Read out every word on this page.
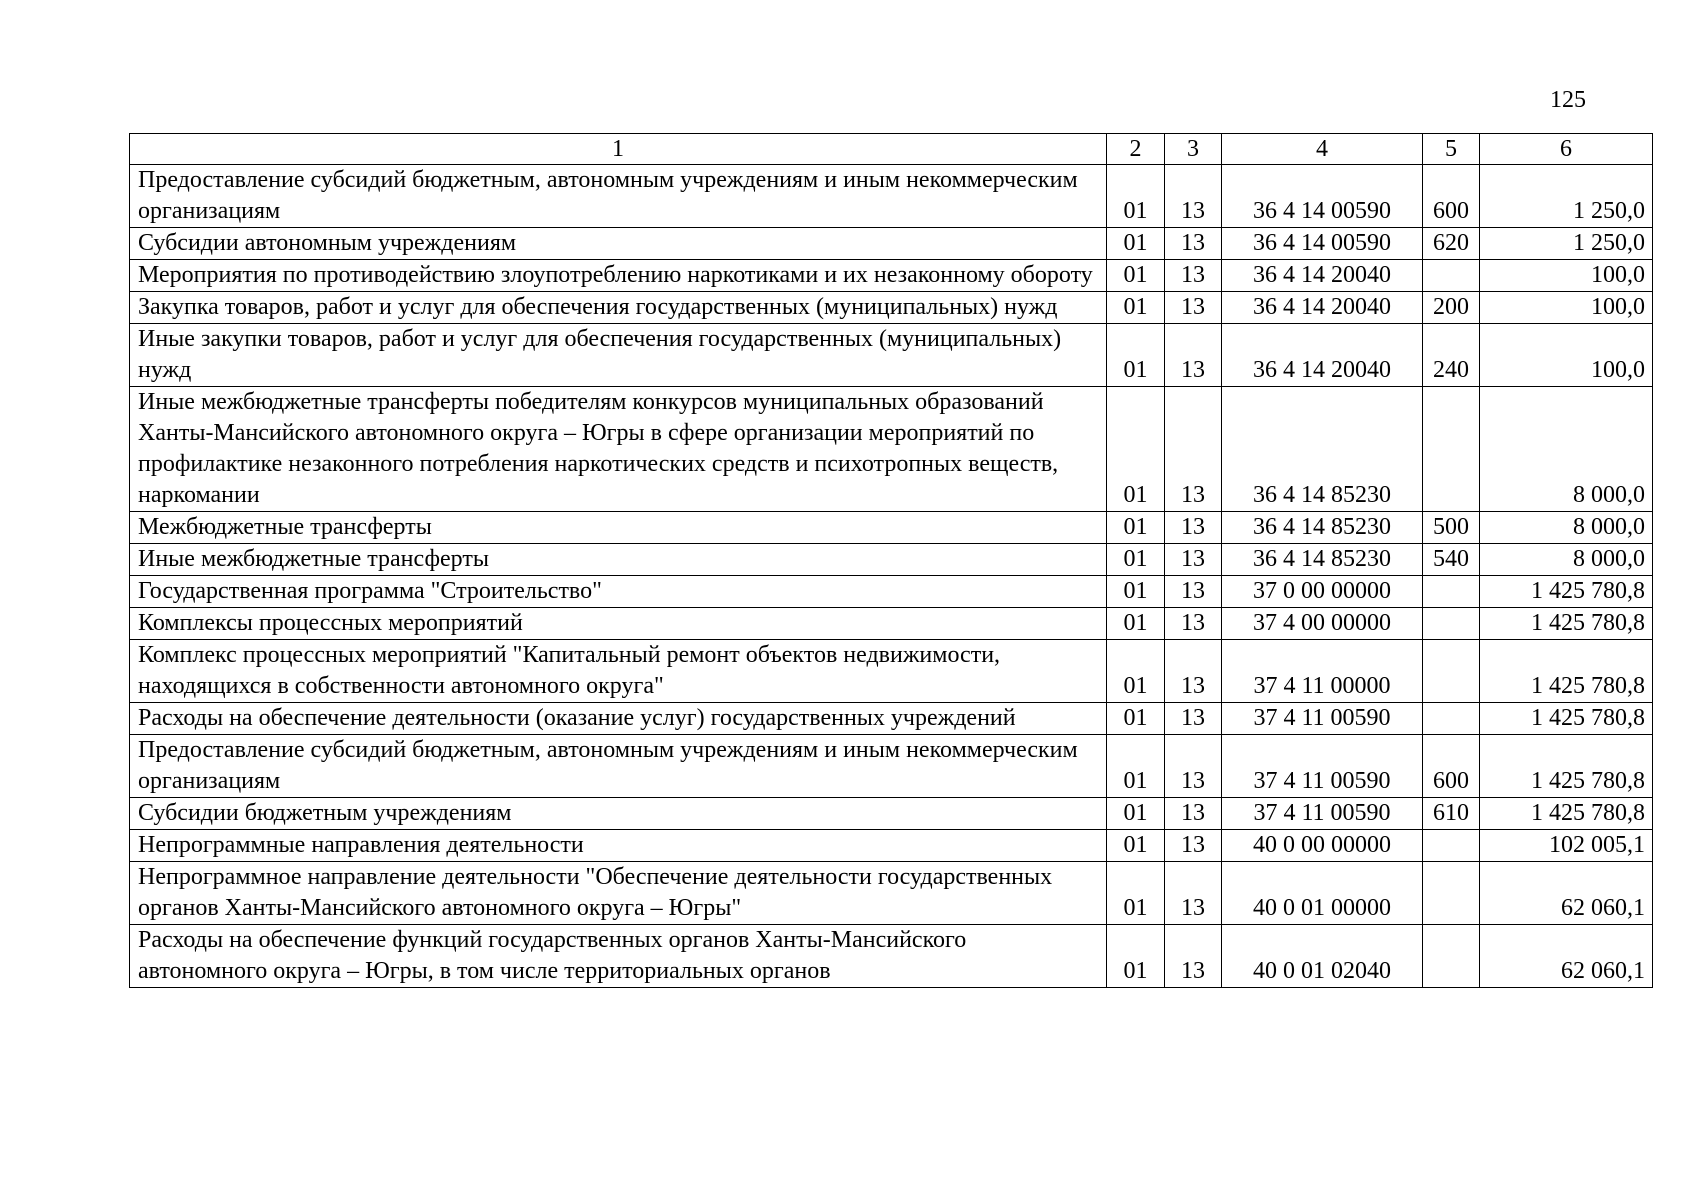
125
1	2	3	4	5	6
Предоставление субсидий бюджетным, автономным учреждениям и иным некоммерческим организациям	01	13	36 4 14 00590	600	1 250,0
Субсидии автономным учреждениям	01	13	36 4 14 00590	620	1 250,0
Мероприятия по противодействию злоупотреблению наркотиками и их незаконному обороту	01	13	36 4 14 20040		100,0
Закупка товаров, работ и услуг для обеспечения государственных (муниципальных) нужд	01	13	36 4 14 20040	200	100,0
Иные закупки товаров, работ и услуг для обеспечения государственных (муниципальных) нужд	01	13	36 4 14 20040	240	100,0
Иные межбюджетные трансферты победителям конкурсов муниципальных образований Ханты-Мансийского автономного округа – Югры в сфере организации мероприятий по профилактике незаконного потребления наркотических средств и психотропных веществ, наркомании	01	13	36 4 14 85230		8 000,0
Межбюджетные трансферты	01	13	36 4 14 85230	500	8 000,0
Иные межбюджетные трансферты	01	13	36 4 14 85230	540	8 000,0
Государственная программа "Строительство"	01	13	37 0 00 00000		1 425 780,8
Комплексы процессных мероприятий	01	13	37 4 00 00000		1 425 780,8
Комплекс процессных мероприятий "Капитальный ремонт объектов недвижимости, находящихся в собственности автономного округа"	01	13	37 4 11 00000		1 425 780,8
Расходы на обеспечение деятельности (оказание услуг) государственных учреждений	01	13	37 4 11 00590		1 425 780,8
Предоставление субсидий бюджетным, автономным учреждениям и иным некоммерческим организациям	01	13	37 4 11 00590	600	1 425 780,8
Субсидии бюджетным учреждениям	01	13	37 4 11 00590	610	1 425 780,8
Непрограммные направления деятельности	01	13	40 0 00 00000		102 005,1
Непрограммное направление деятельности "Обеспечение деятельности государственных органов Ханты-Мансийского автономного округа – Югры"	01	13	40 0 01 00000		62 060,1
Расходы на обеспечение функций государственных органов Ханты-Мансийского автономного округа – Югры, в том числе территориальных органов	01	13	40 0 01 02040		62 060,1
